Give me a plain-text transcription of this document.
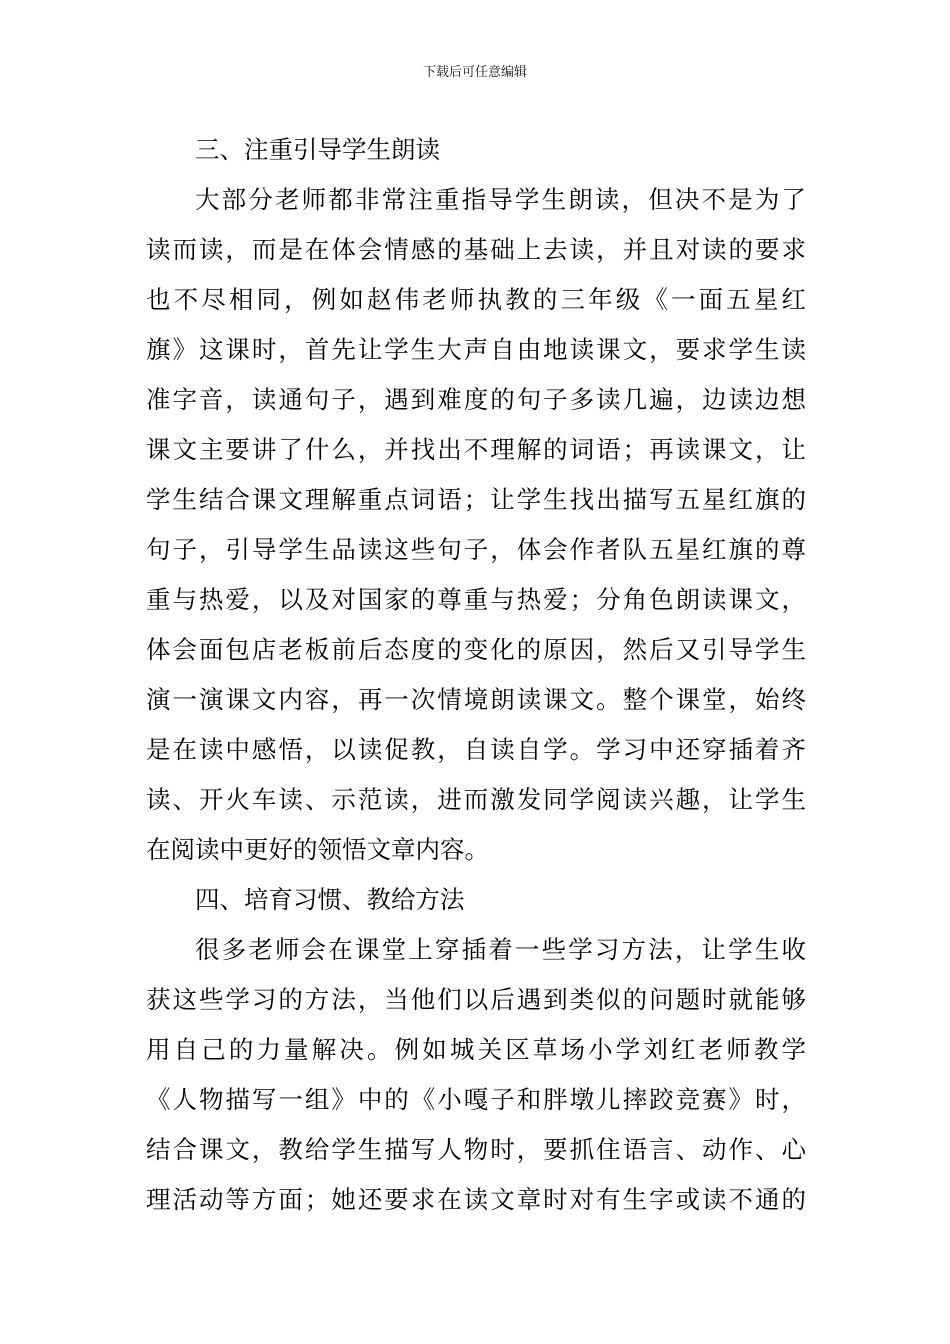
下载后可任意编辑
三、注重引导学生朗读
大部分老师都非常注重指导学生朗读，但决不是为了
读而读，而是在体会情感的基础上去读，并且对读的要求
也不尽相同，例如赵伟老师执教的三年级《一面五星红
旗》这课时，首先让学生大声自由地读课文，要求学生读
准字音，读通句子，遇到难度的句子多读几遍，边读边想
课文主要讲了什么，并找出不理解的词语；再读课文，让
学生结合课文理解重点词语；让学生找出描写五星红旗的
句子，引导学生品读这些句子，体会作者队五星红旗的尊
重与热爱，以及对国家的尊重与热爱；分角色朗读课文，
体会面包店老板前后态度的变化的原因，然后又引导学生
演一演课文内容，再一次情境朗读课文。整个课堂，始终
是在读中感悟，以读促教，自读自学。学习中还穿插着齐
读、开火车读、示范读，进而激发同学阅读兴趣，让学生
在阅读中更好的领悟文章内容。
四、培育习惯、教给方法
很多老师会在课堂上穿插着一些学习方法，让学生收
获这些学习的方法，当他们以后遇到类似的问题时就能够
用自己的力量解决。例如城关区草场小学刘红老师教学
《人物描写一组》中的《小嘎子和胖墩儿摔跤竞赛》时，
结合课文，教给学生描写人物时，要抓住语言、动作、心
理活动等方面；她还要求在读文章时对有生字或读不通的
